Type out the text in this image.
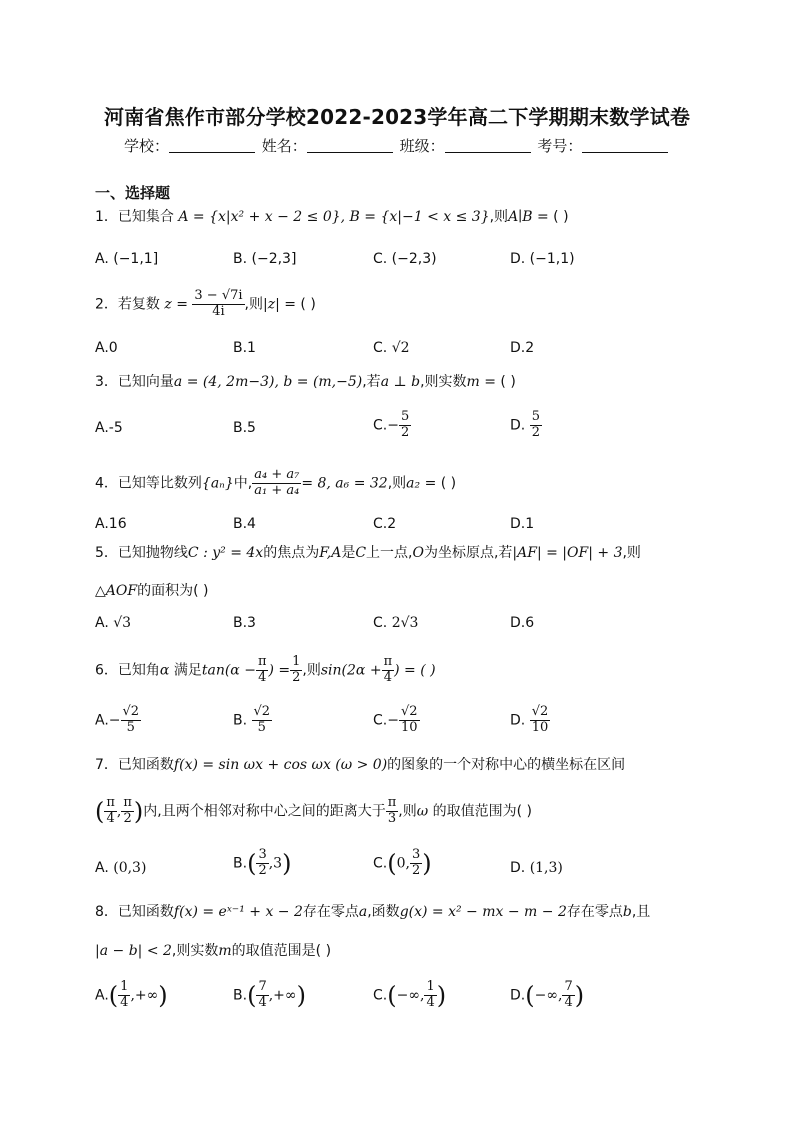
河南省焦作市部分学校2022-2023学年高二下学期期末数学试卷
学校：	姓名：	班级：	考号：
一、选择题
1．已知集合 A = {x|x² + x − 2 ≤ 0}, B = {x|−1 < x ≤ 3},则A∣B = ( )
A. (−1,1]	B. (−2,3]	C. (−2,3)	D. (−1,1)
2．若复数 $z = \frac{3 - √7i}{4i}$ ,则|z| = ( )
A.0	B.1	C. √2	D.2
3．已知向量a = (4, 2m−3), b = (m,−5),若a ⊥ b,则实数m = ( )
A.-5	B.5	$C.- \frac{5}{2}$	D. $\frac{5}{2}$
4．已知等比数列{aₙ}中, $\frac{\text{a₄ + a₇}}{\text{a₁ + a₄}} = 8$, a₆ = 32,则a₂ = ( )
A.16	B.4	C.2	D.1
5．已知抛物线C : y² = 4x的焦点为F,A是C上一点,O为坐标原点,若|AF| = |OF| + 3,则
△AOF的面积为( )
A. √3	B.3	C. 2√3	D.6
6．已知角α 满足$\tan(\alpha - \frac{\pi}{4}$ ) = $\frac{1}{2}$ ,则$\sin(2\alpha + \frac{\pi}{4}$ ) = ( )
$A.- \frac{√2}{5}$	B. $\frac{√2}{5}$	$C.- \frac{√2}{10}$	D. $\frac{√2}{10}$
7．已知函数f(x) = sin ωx + cos ωx (ω > 0)的图象的一个对称中心的横坐标在区间
( $\frac{\pi}{4}$ , $\frac{\pi}{2}$ )内,且两个相邻对称中心之间的距离大于 $\frac{\pi}{3}$ ,则ω 的取值范围为( )
A. (0,3)	$B.( \frac{3}{2} ,3)$	C.(0, $\frac{3}{2}$ )	D. (1,3)
8．已知函数f(x) = eˣ⁻¹ + x − 2存在零点a,函数g(x) = x² − mx − m − 2存在零点b,且
|a − b| < 2,则实数m的取值范围是( )
$A.( \frac{1}{4}$ ,+∞)	$B.( \frac{7}{4}$ ,+∞)	C.(−∞, $\frac{1}{4}$ )	D.(−∞, $\frac{7}{4}$ )
